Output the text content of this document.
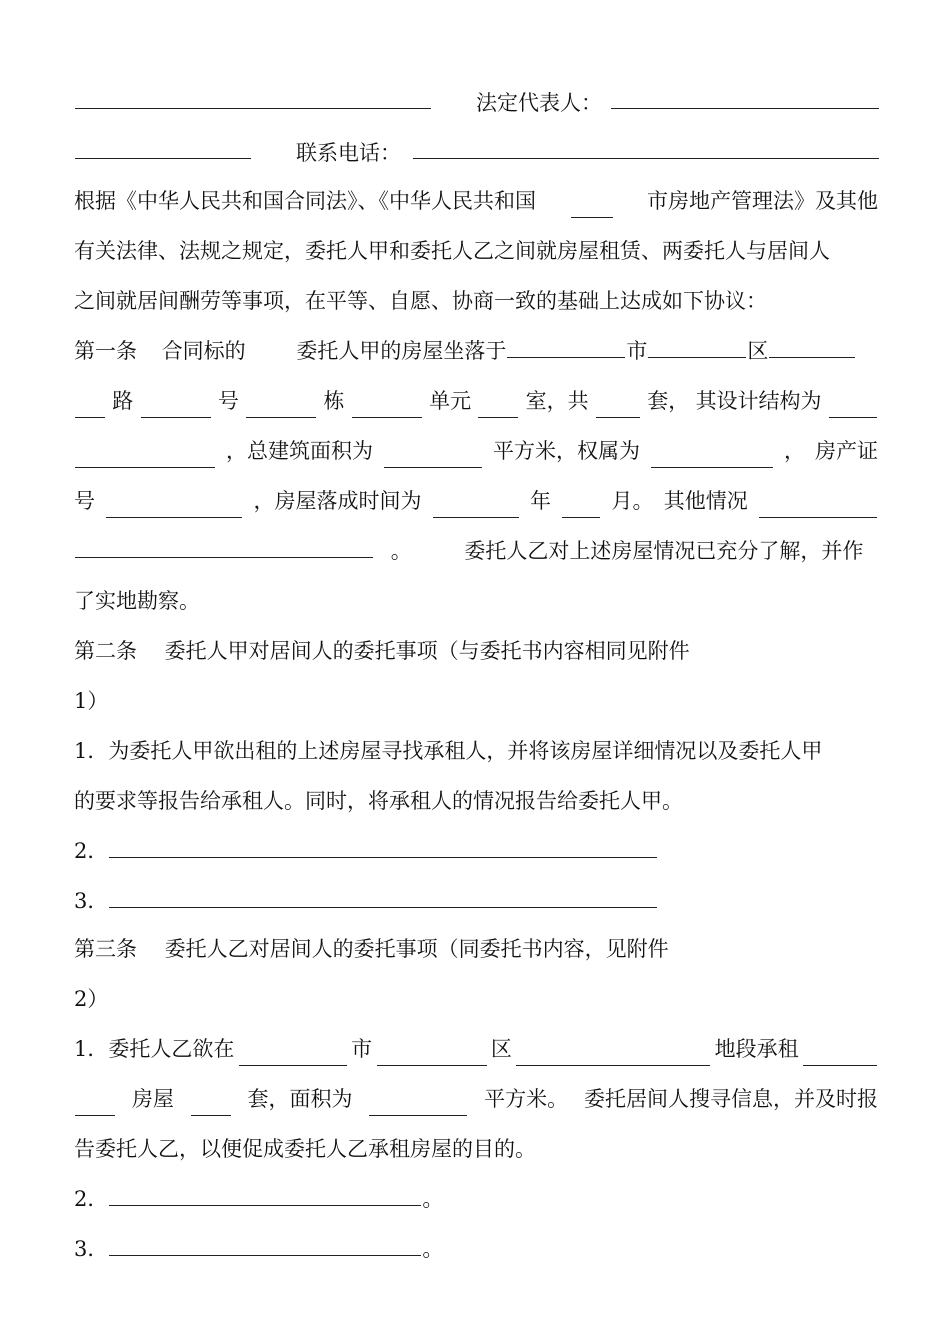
法定代表人：
联系电话：
根据《中华人民共和国合同法》、《中华人民共和国	市房地产管理法》及其他
有关法律、法规之规定，委托人甲和委托人乙之间就房屋租赁、两委托人与居间人
之间就居间酬劳等事项，在平等、自愿、协商一致的基础上达成如下协议：
第一条 合同标的 委托人甲的房屋坐落于	市	区
路	号	栋	单元	室，共	套， 其设计结构为
，总建筑面积为	平方米，权属为	， 房产证
号	，房屋落成时间为	年	月。 其他情况
。	委托人乙对上述房屋情况已充分了解，并作
了实地勘察。
第二条　 委托人甲对居间人的委托事项（与委托书内容相同见附件
1）
1．为委托人甲欲出租的上述房屋寻找承租人，并将该房屋详细情况以及委托人甲
的要求等报告给承租人。同时，将承租人的情况报告给委托人甲。
2．
3．
第三条　 委托人乙对居间人的委托事项（同委托书内容，见附件
2）
1．委托人乙欲在	市	区	地段承租
房屋	套，面积为	平方米。 委托居间人搜寻信息，并及时报
告委托人乙，以便促成委托人乙承租房屋的目的。
2．	。
3．	。
